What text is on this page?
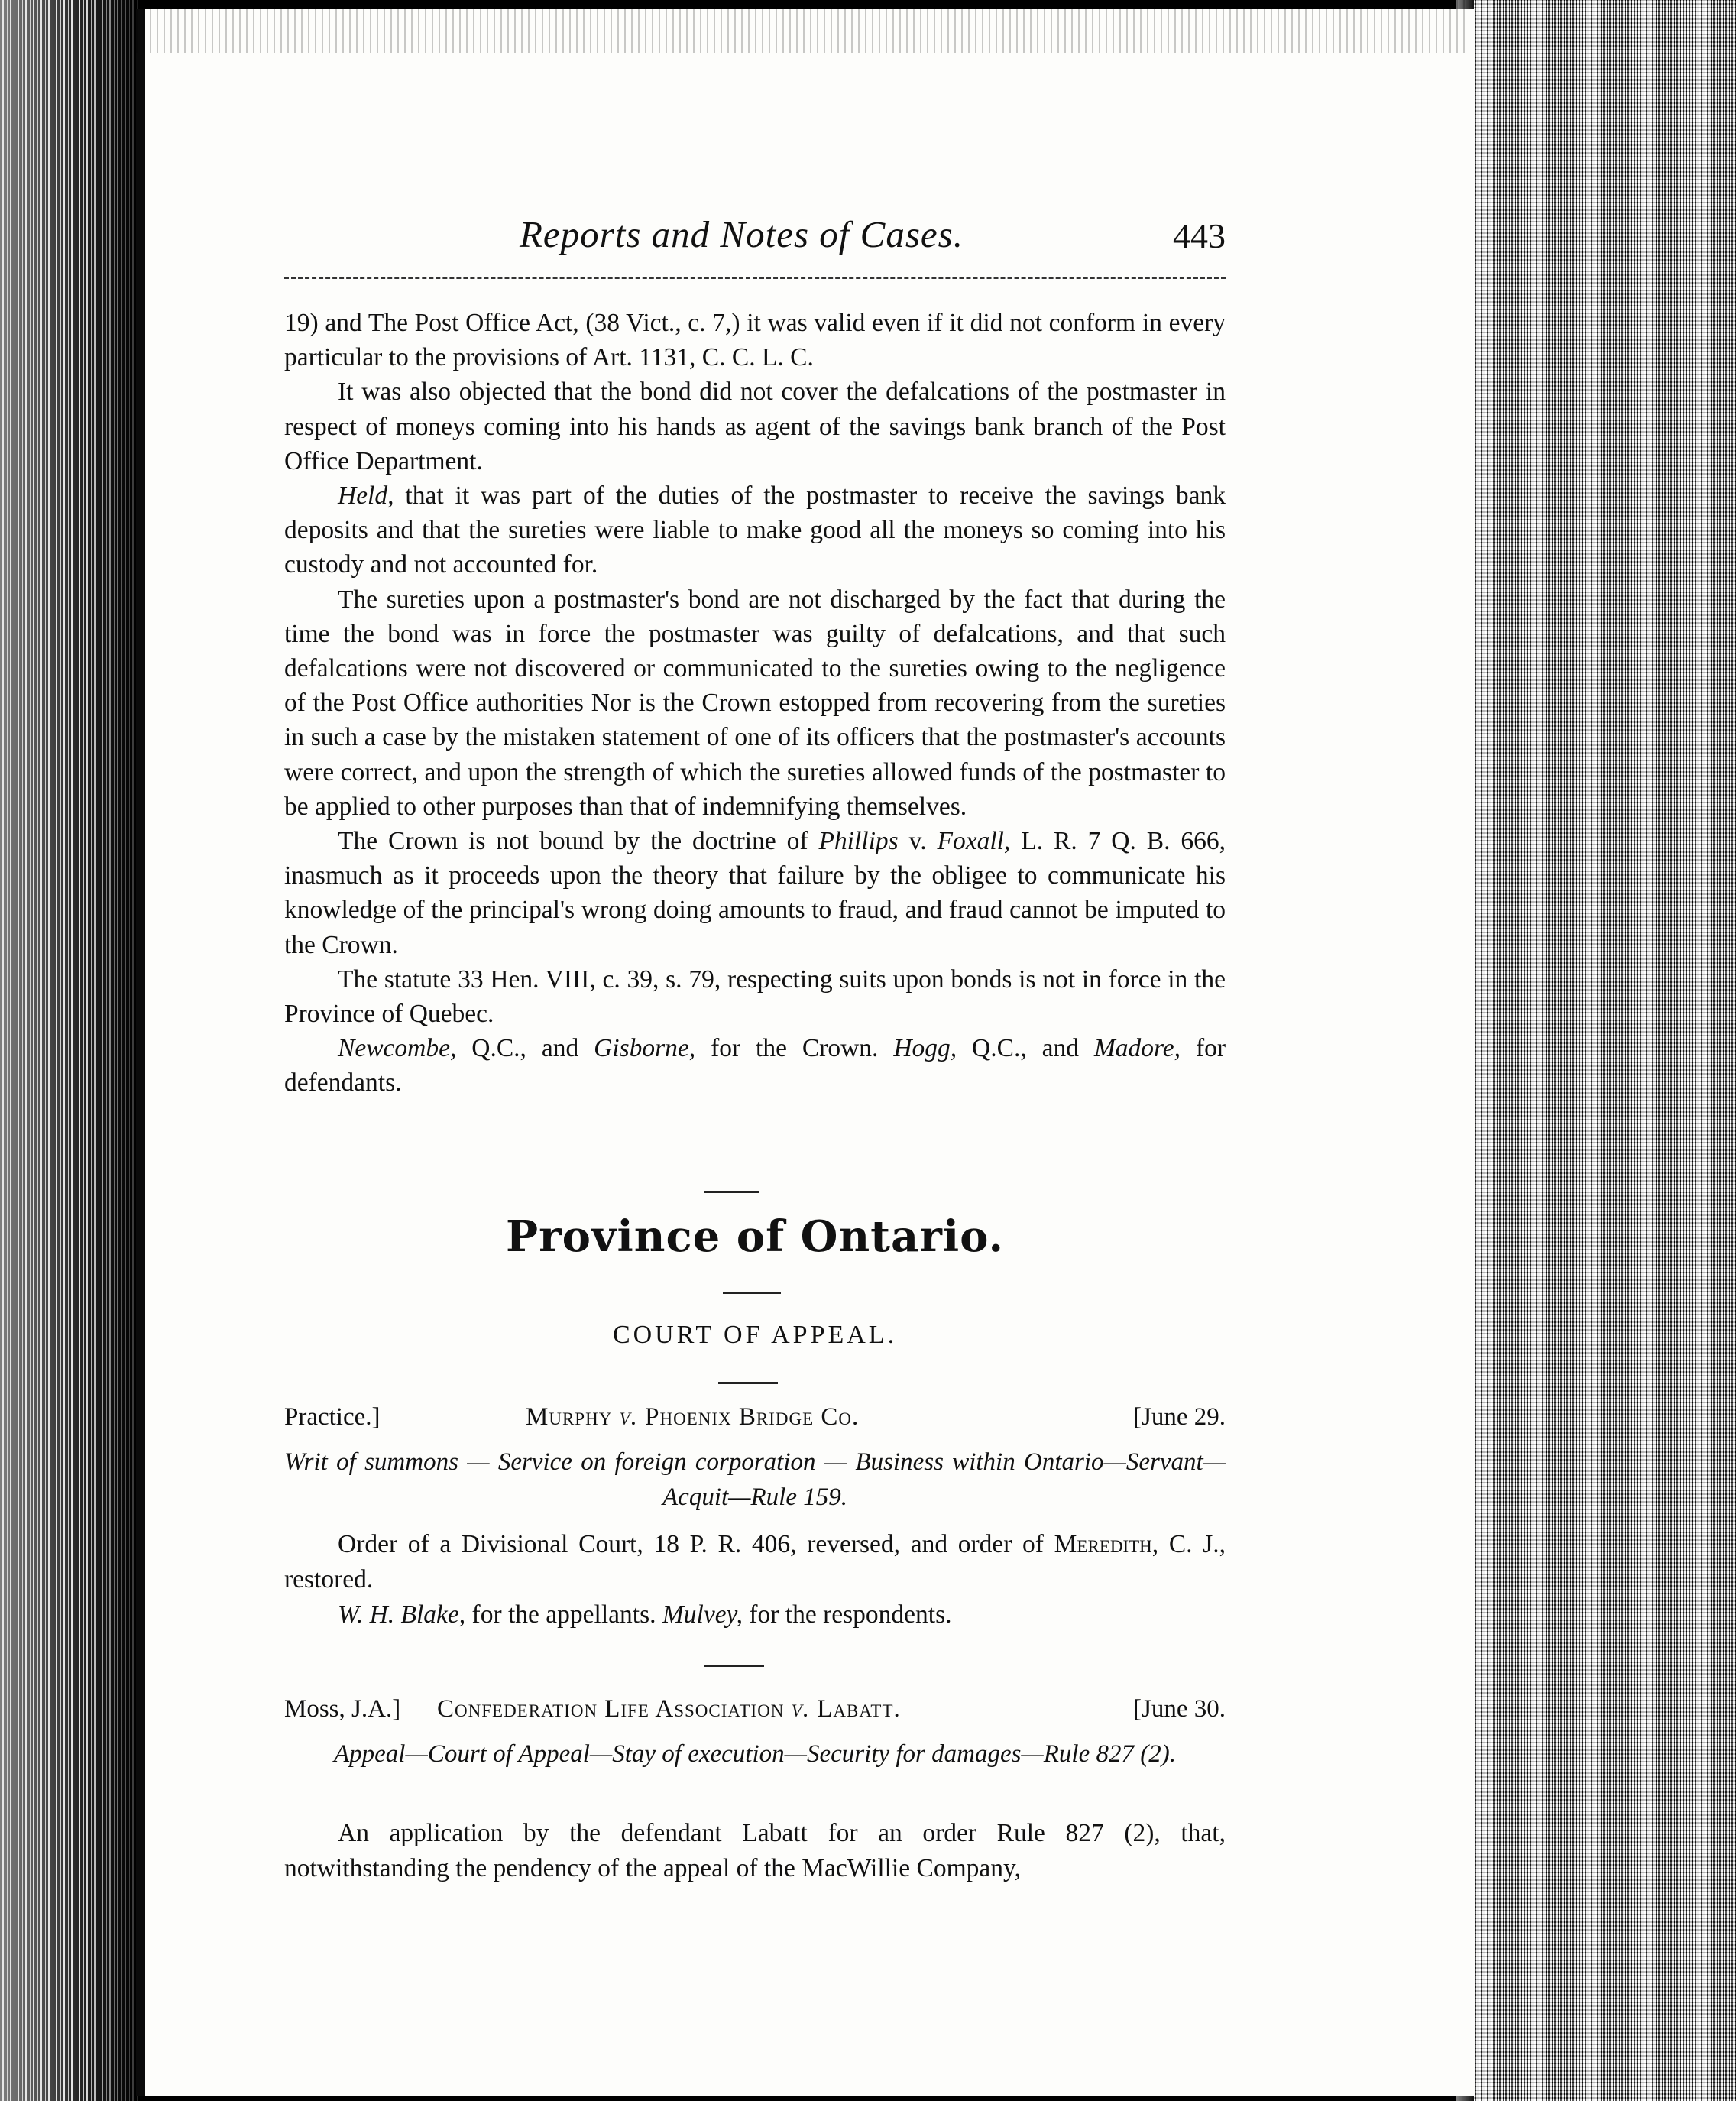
Reports and Notes of Cases.	443

19) and The Post Office Act, (38 Vict., c. 7,) it was valid even if it did not conform in every particular to the provisions of Art. 1131, C. C. L. C.

It was also objected that the bond did not cover the defalcations of the postmaster in respect of moneys coming into his hands as agent of the savings bank branch of the Post Office Department.

Held, that it was part of the duties of the postmaster to receive the savings bank deposits and that the sureties were liable to make good all the moneys so coming into his custody and not accounted for.

The sureties upon a postmaster's bond are not discharged by the fact that during the time the bond was in force the postmaster was guilty of defalcations, and that such defalcations were not discovered or communicated to the sureties owing to the negligence of the Post Office authorities Nor is the Crown estopped from recovering from the sureties in such a case by the mistaken statement of one of its officers that the postmaster's accounts were correct, and upon the strength of which the sureties allowed funds of the postmaster to be applied to other purposes than that of indemnifying themselves.

The Crown is not bound by the doctrine of Phillips v. Foxall, L. R. 7 Q. B. 666, inasmuch as it proceeds upon the theory that failure by the obligee to communicate his knowledge of the principal's wrong doing amounts to fraud, and fraud cannot be imputed to the Crown.

The statute 33 Hen. VIII, c. 39, s. 79, respecting suits upon bonds is not in force in the Province of Quebec.

Newcombe, Q.C., and Gisborne, for the Crown. Hogg, Q.C., and Madore, for defendants.

Province of Ontario.
COURT OF APPEAL.
Practice.]	Murphy v. Phoenix Bridge Co.	[June 29.
Writ of summons — Service on foreign corporation — Business within Ontario—Servant—Acquit—Rule 159.

Order of a Divisional Court, 18 P. R. 406, reversed, and order of Meredith, C. J., restored.

W. H. Blake, for the appellants. Mulvey, for the respondents.

Moss, J.A.] Confederation Life Association v. Labatt.	[June 30.
Appeal—Court of Appeal—Stay of execution—Security for damages—Rule 827 (2).

An application by the defendant Labatt for an order Rule 827 (2), that, notwithstanding the pendency of the appeal of the MacWillie Company,
